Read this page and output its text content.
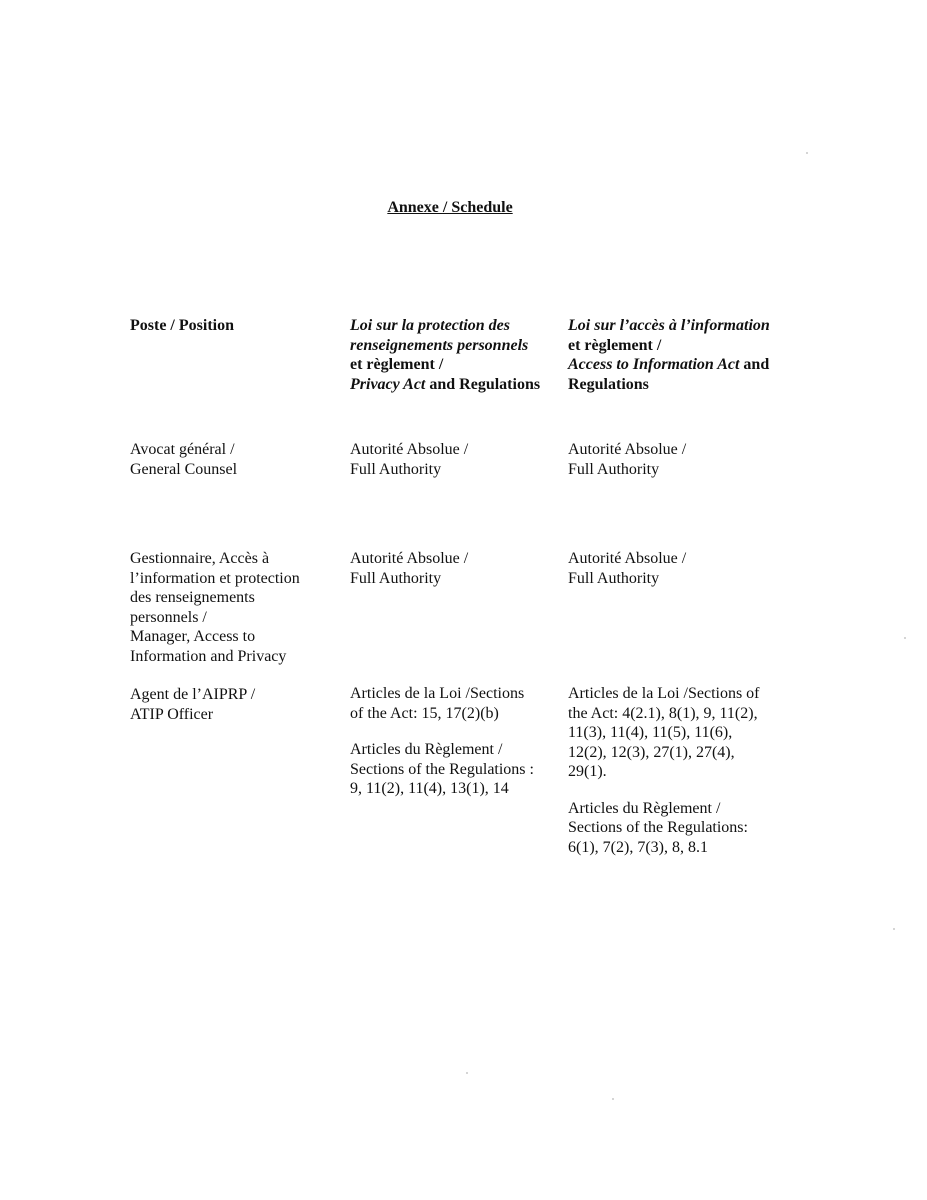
Annexe / Schedule
Poste / Position	Loi sur la protection des
renseignements personnels
et règlement /
Privacy Act and Regulations
Loi sur l’accès à l’information
et règlement /
Access to Information Act and
Regulations
Avocat général /
General Counsel
Autorité Absolue /
Full Authority
Autorité Absolue /
Full Authority
Gestionnaire, Accès à
l’information et protection
des renseignements
personnels /
Manager, Access to
Information and Privacy
Autorité Absolue /
Full Authority
Autorité Absolue /
Full Authority
Agent de l’AIPRP /
ATIP Officer
Articles de la Loi /Sections
of the Act: 15, 17(2)(b)
Articles du Règlement /
Sections of the Regulations :
9, 11(2), 11(4), 13(1), 14
Articles de la Loi /Sections of
the Act: 4(2.1), 8(1), 9, 11(2),
11(3), 11(4), 11(5), 11(6),
12(2), 12(3), 27(1), 27(4),
29(1).
Articles du Règlement /
Sections of the Regulations:
6(1), 7(2), 7(3), 8, 8.1
